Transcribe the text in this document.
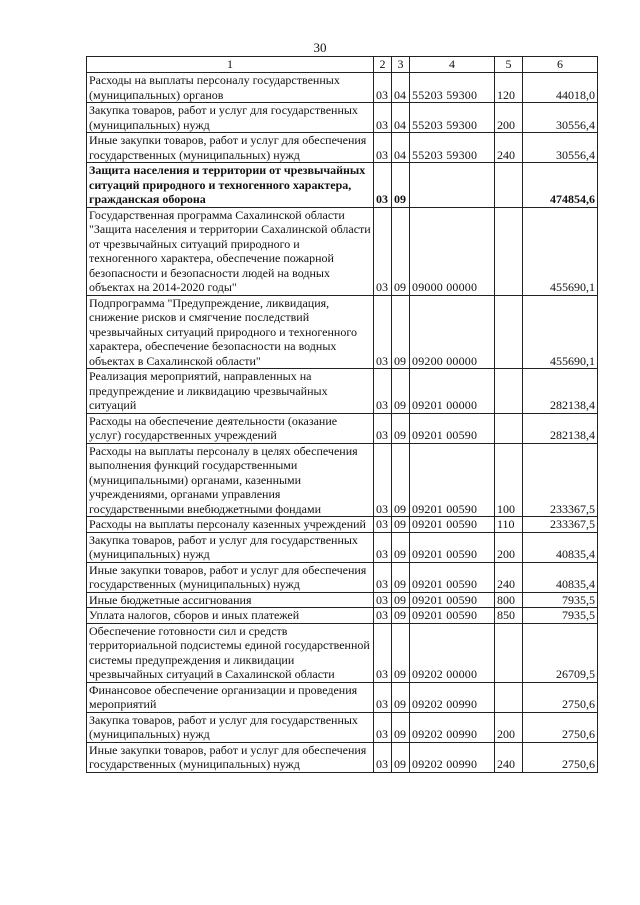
30
1	2	3	4	5	6
Расходы на выплаты персоналу государственных (муниципальных) органов	03	04	55203 59300	120	44018,0
Закупка товаров, работ и услуг для государственных (муниципальных) нужд	03	04	55203 59300	200	30556,4
Иные закупки товаров, работ и услуг для обеспечения государственных (муниципальных) нужд	03	04	55203 59300	240	30556,4
Защита населения и территории от чрезвычайных ситуаций природного и техногенного характера, гражданская оборона	03	09			474854,6
Государственная программа Сахалинской области "Защита населения и территории Сахалинской области от чрезвычайных ситуаций природного и техногенного характера, обеспечение пожарной безопасности и безопасности людей на водных объектах на 2014-2020 годы"	03	09	09000 00000		455690,1
Подпрограмма "Предупреждение, ликвидация, снижение рисков и смягчение последствий чрезвычайных ситуаций природного и техногенного характера, обеспечение безопасности на водных объектах в Сахалинской области"	03	09	09200 00000		455690,1
Реализация мероприятий, направленных на предупреждение и ликвидацию чрезвычайных ситуаций	03	09	09201 00000		282138,4
Расходы на обеспечение деятельности (оказание услуг) государственных учреждений	03	09	09201 00590		282138,4
Расходы на выплаты персоналу в целях обеспечения выполнения функций государственными (муниципальными) органами, казенными учреждениями, органами управления государственными внебюджетными фондами	03	09	09201 00590	100	233367,5
Расходы на выплаты персоналу казенных учреждений	03	09	09201 00590	110	233367,5
Закупка товаров, работ и услуг для государственных (муниципальных) нужд	03	09	09201 00590	200	40835,4
Иные закупки товаров, работ и услуг для обеспечения государственных (муниципальных) нужд	03	09	09201 00590	240	40835,4
Иные бюджетные ассигнования	03	09	09201 00590	800	7935,5
Уплата налогов, сборов и иных платежей	03	09	09201 00590	850	7935,5
Обеспечение готовности сил и средств территориальной подсистемы единой государственной системы предупреждения и ликвидации чрезвычайных ситуаций в Сахалинской области	03	09	09202 00000		26709,5
Финансовое обеспечение организации и проведения мероприятий	03	09	09202 00990		2750,6
Закупка товаров, работ и услуг для государственных (муниципальных) нужд	03	09	09202 00990	200	2750,6
Иные закупки товаров, работ и услуг для обеспечения государственных (муниципальных) нужд	03	09	09202 00990	240	2750,6
